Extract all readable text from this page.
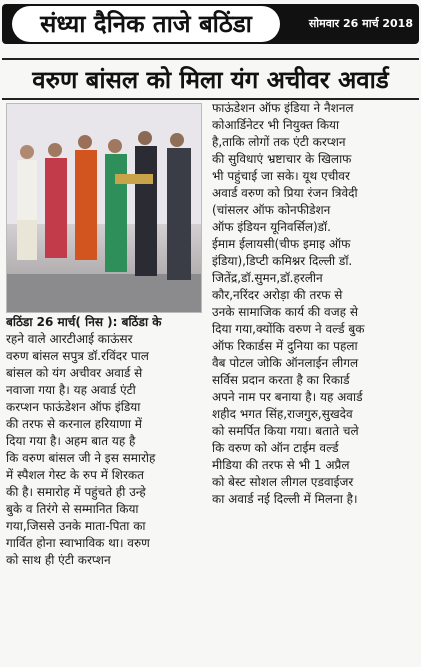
संध्या दैनिक ताजे बठिंडा	सोमवार 26 मार्च 2018
वरुण बांसल को मिला यंग अचीवर अवार्ड
बठिंडा 26 मार्च( निस ): बठिंडा के
रहने वाले आरटीआई काऊंसर
वरुण बांसल सपुत्र डॉ.रविंदर पाल
बांसल को यंग अचीवर अवार्ड से
नवाजा गया है। यह अवार्ड एंटी
करप्शन फाऊंडेशन ऑफ इंडिया
की तरफ से करनाल हरियाणा में
दिया गया है। अहम बात यह है
कि वरुण बांसल जी ने इस समारोह
में स्पैशल गेस्ट के रुप में शिरकत
की है। समारोह में पहुंचते ही उन्हे
बुके व तिरंगे से सम्मानित किया
गया,जिससे उनके माता-पिता का
गार्वित होना स्वाभाविक था। वरुण
को साथ ही एंटी करप्शन
फाऊंडेशन ऑफ इंडिया ने नैशनल
कोआर्डिनेटर भी नियुक्त किया
है,ताकि लोगों तक एंटी करप्शन
की सुविधाएं भ्रष्टाचार के खिलाफ
भी पहुंचाई जा सके। यूथ एचीवर
अवार्ड वरुण को प्रिया रंजन त्रिवेदी
(चांसलर ऑफ कोनफीडेशन
ऑफ इंडियन यूनिवर्सिल)डॉ.
ईमाम ईलायसी(चीफ इमाइ ऑफ
इंडिया),डिप्टी कमिश्नर दिल्ली डॉ.
जितेंद्र,डॉ.सुमन,डॉ.हरलीन
कौर,नरिंदर अरोड़ा की तरफ से
उनके सामाजिक कार्य की वजह से
दिया गया,क्योंकि वरुण ने वर्ल्ड बुक
ऑफ रिकार्डस में दुनिया का पहला
वैब पोटल जोकि ऑनलाईन लीगल
सर्विस प्रदान करता है का रिकार्ड
अपने नाम पर बनाया है। यह अवार्ड
शहीद भगत सिंह,राजगुरु,सुखदेव
को समर्पित किया गया। बताते चले
कि वरुण को ऑन टाईम वर्ल्ड
मीडिया की तरफ से भी 1 अप्रैल
को बेस्ट सोशल लीगल एडवाईजर
का अवार्ड नई दिल्ली में मिलना है।
